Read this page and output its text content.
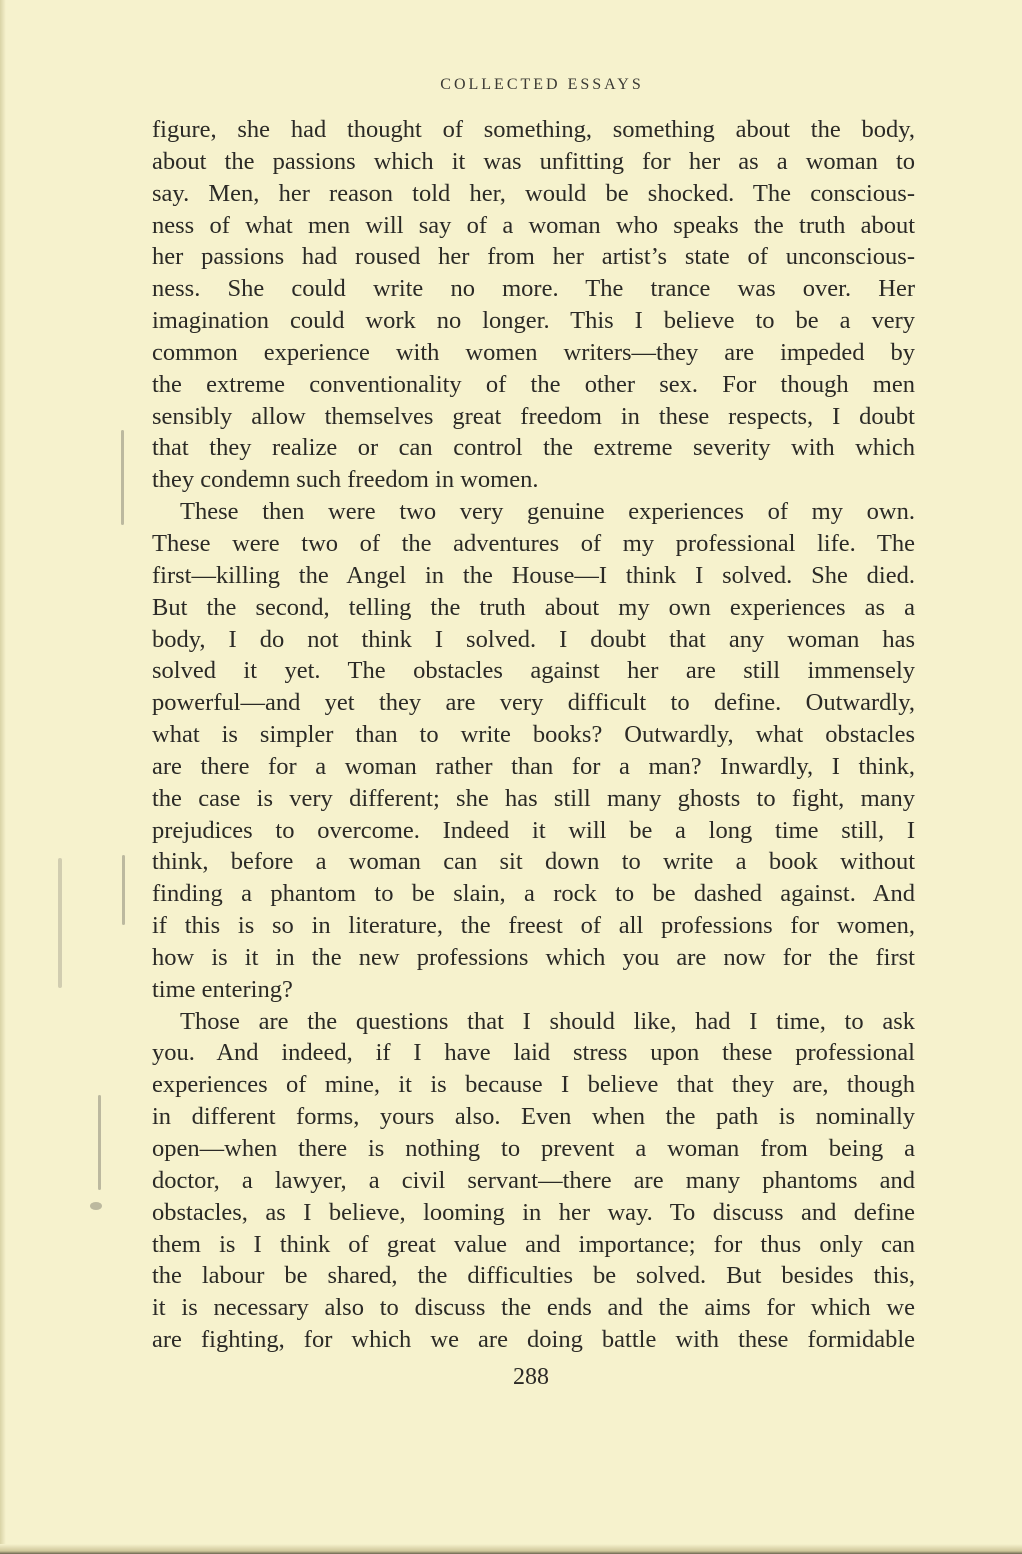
COLLECTED ESSAYS
figure, she had thought of something, something about the body,
about the passions which it was unfitting for her as a woman to
say. Men, her reason told her, would be shocked. The conscious-
ness of what men will say of a woman who speaks the truth about
her passions had roused her from her artist’s state of unconscious-
ness. She could write no more. The trance was over. Her
imagination could work no longer. This I believe to be a very
common experience with women writers—they are impeded by
the extreme conventionality of the other sex. For though men
sensibly allow themselves great freedom in these respects, I doubt
that they realize or can control the extreme severity with which
they condemn such freedom in women.
These then were two very genuine experiences of my own.
These were two of the adventures of my professional life. The
first—killing the Angel in the House—I think I solved. She died.
But the second, telling the truth about my own experiences as a
body, I do not think I solved. I doubt that any woman has
solved it yet. The obstacles against her are still immensely
powerful—and yet they are very difficult to define. Outwardly,
what is simpler than to write books? Outwardly, what obstacles
are there for a woman rather than for a man? Inwardly, I think,
the case is very different; she has still many ghosts to fight, many
prejudices to overcome. Indeed it will be a long time still, I
think, before a woman can sit down to write a book without
finding a phantom to be slain, a rock to be dashed against. And
if this is so in literature, the freest of all professions for women,
how is it in the new professions which you are now for the first
time entering?
Those are the questions that I should like, had I time, to ask
you. And indeed, if I have laid stress upon these professional
experiences of mine, it is because I believe that they are, though
in different forms, yours also. Even when the path is nominally
open—when there is nothing to prevent a woman from being a
doctor, a lawyer, a civil servant—there are many phantoms and
obstacles, as I believe, looming in her way. To discuss and define
them is I think of great value and importance; for thus only can
the labour be shared, the difficulties be solved. But besides this,
it is necessary also to discuss the ends and the aims for which we
are fighting, for which we are doing battle with these formidable
288
